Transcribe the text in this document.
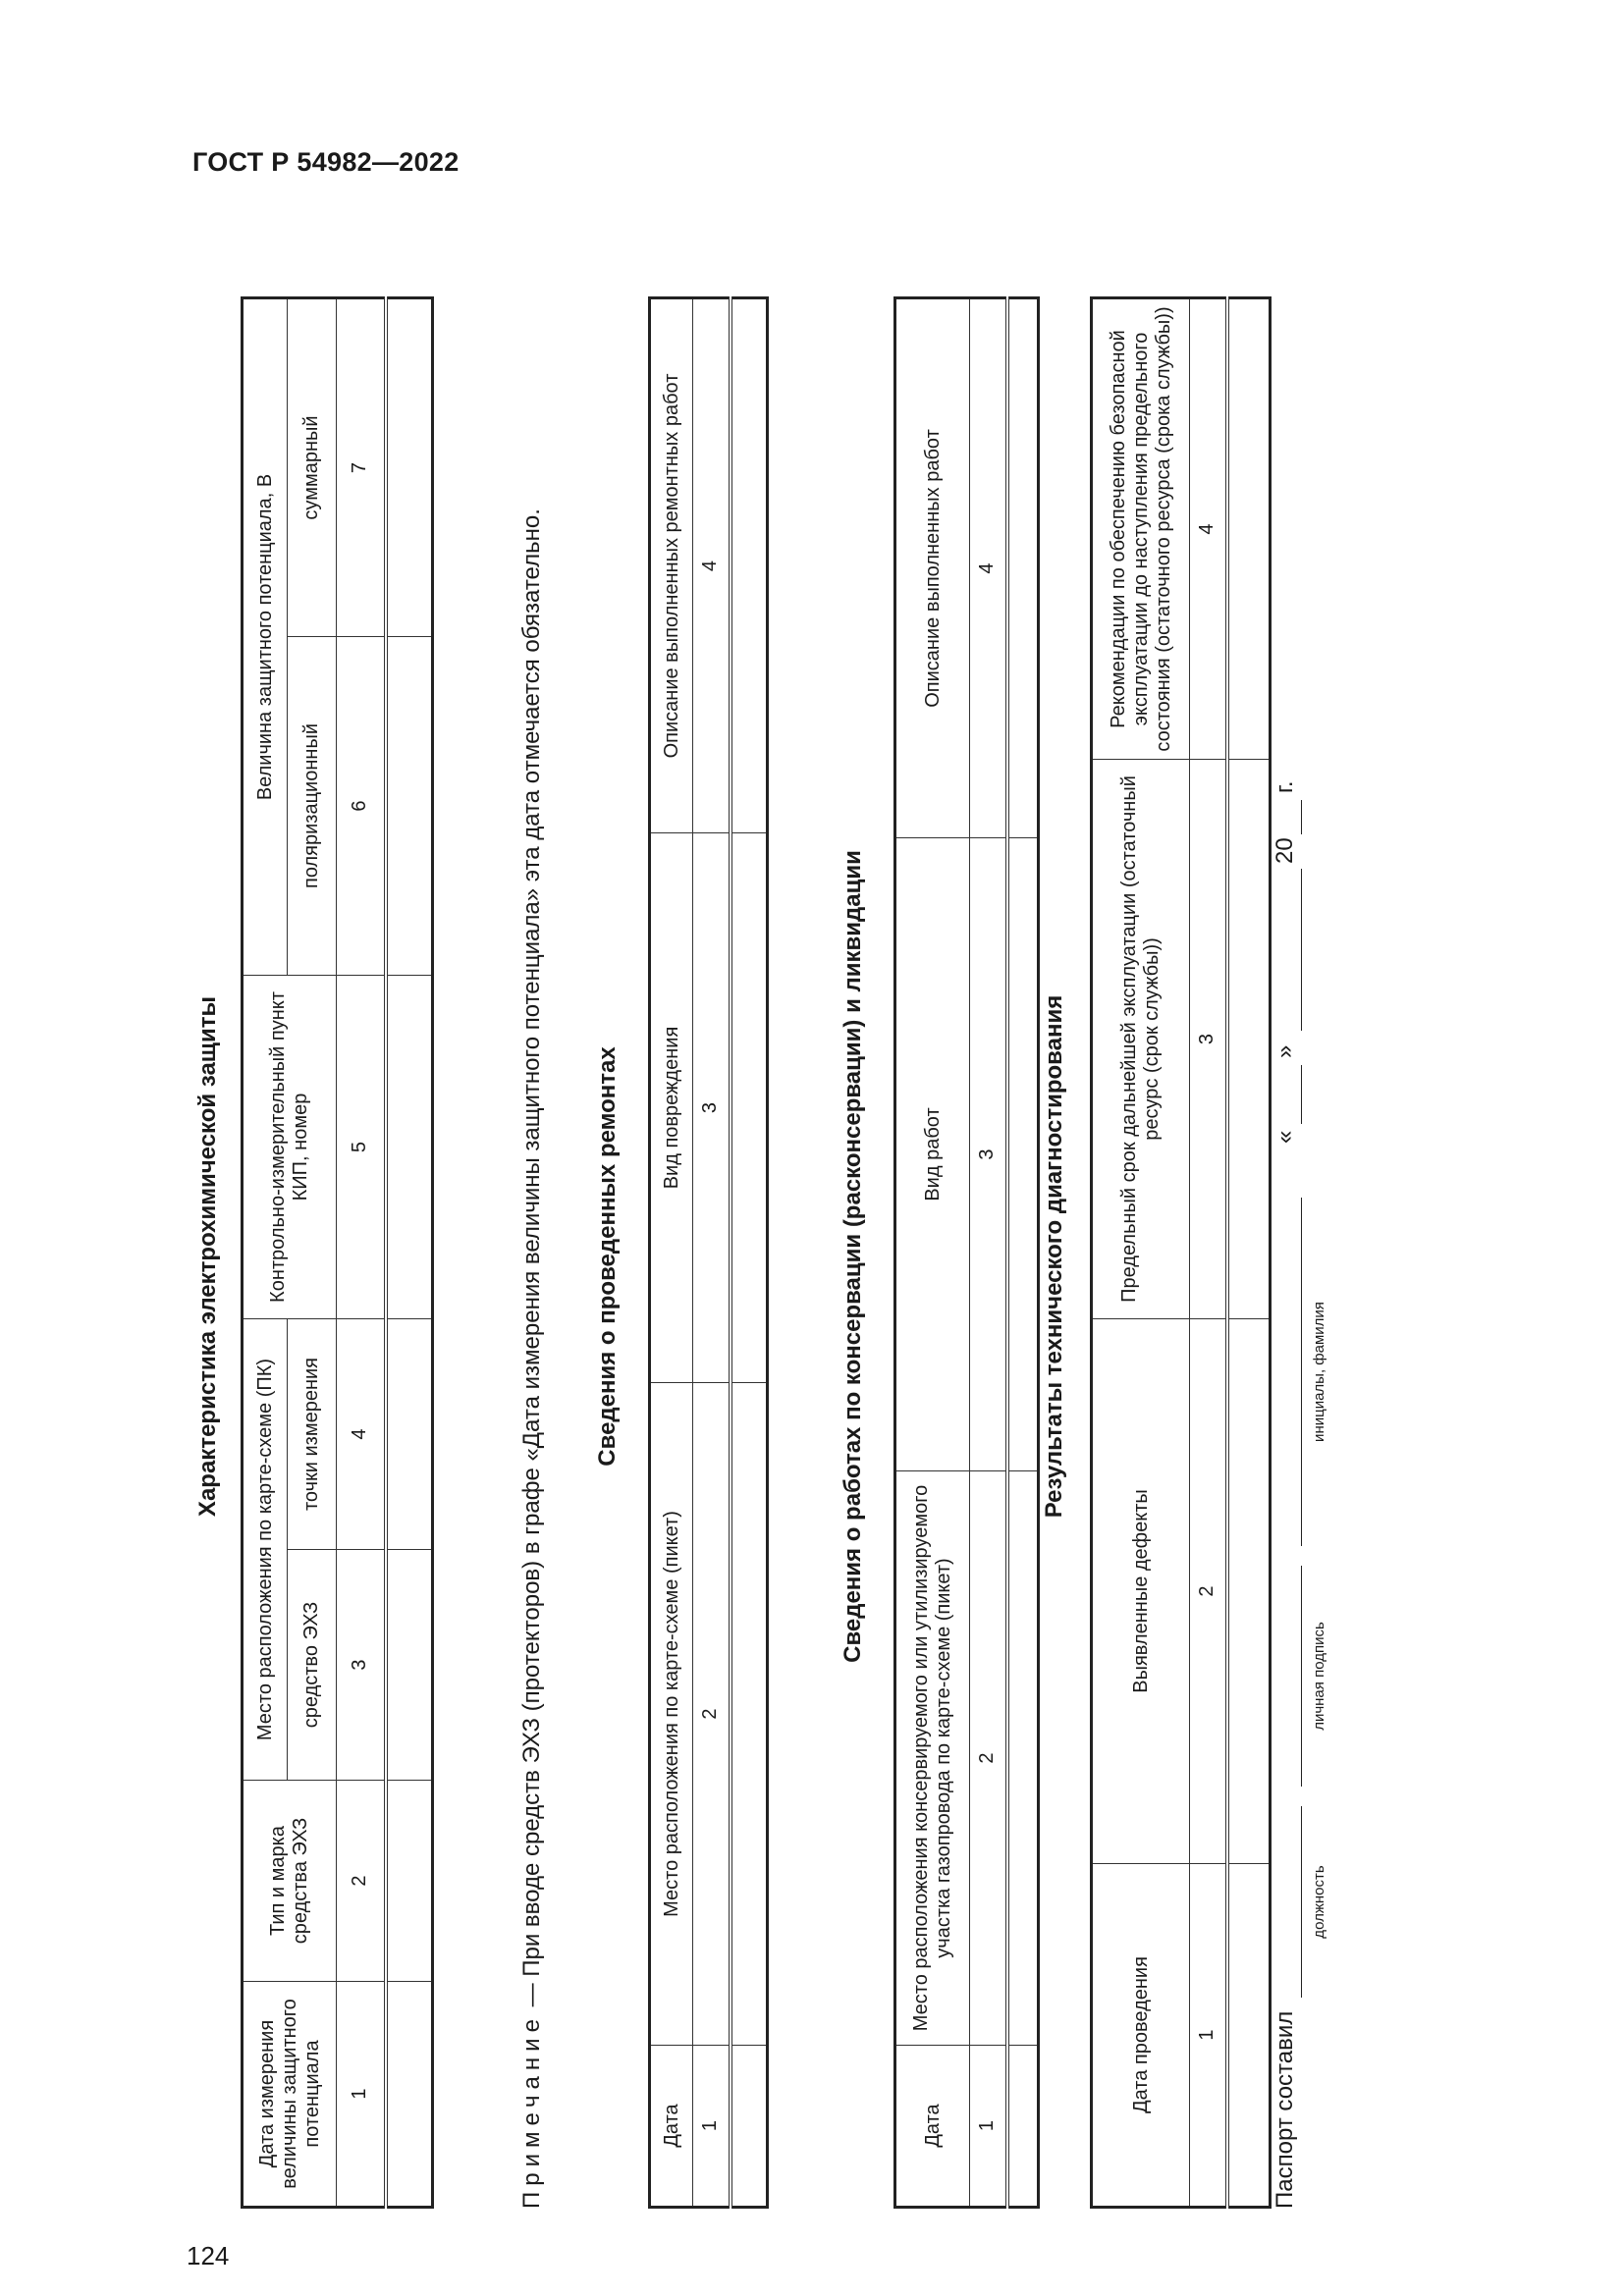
ГОСТ Р 54982—2022
124
Характеристика электрохимической защиты
Дата измерения величины защитного потенциала	Тип и марка средства ЭХЗ	Место расположения по карте-схеме (ПК)		Контрольно-измерительный пункт КИП, номер	Величина защитного потенциала, В	
		средство ЭХЗ	точки измерения		поляризационный	суммарный
1	2	3	4	5	6	7

Примечание — При вводе средств ЭХЗ (протекторов) в графе «Дата измерения величины защитного потенциала» эта дата отмечается обязательно. Сведения о проведенных ремонтах
Дата	Место расположения по карте-схеме (пикет)	Вид повреждения	Описание выполненных ремонтных работ
1	2	3	4

Сведения о работах по консервации (расконсервации) и ликвидации
Дата	Место расположения консервируемого или утилизируемого участка газопровода по карте-схеме (пикет)	Вид работ	Описание выполненных работ
1	2	3	4

Результаты технического диагностирования
Дата проведения	Выявленные дефекты	Предельный срок дальнейшей эксплуатации (остаточный ресурс (срок службы))	Рекомендации по обеспечению безопасной эксплуатации до наступления предельного состояния (остаточного ресурса (срока службы))
1	2	3	4

Паспорт составил
должность
личная подпись
инициалы, фамилия
«
»
20
г.
